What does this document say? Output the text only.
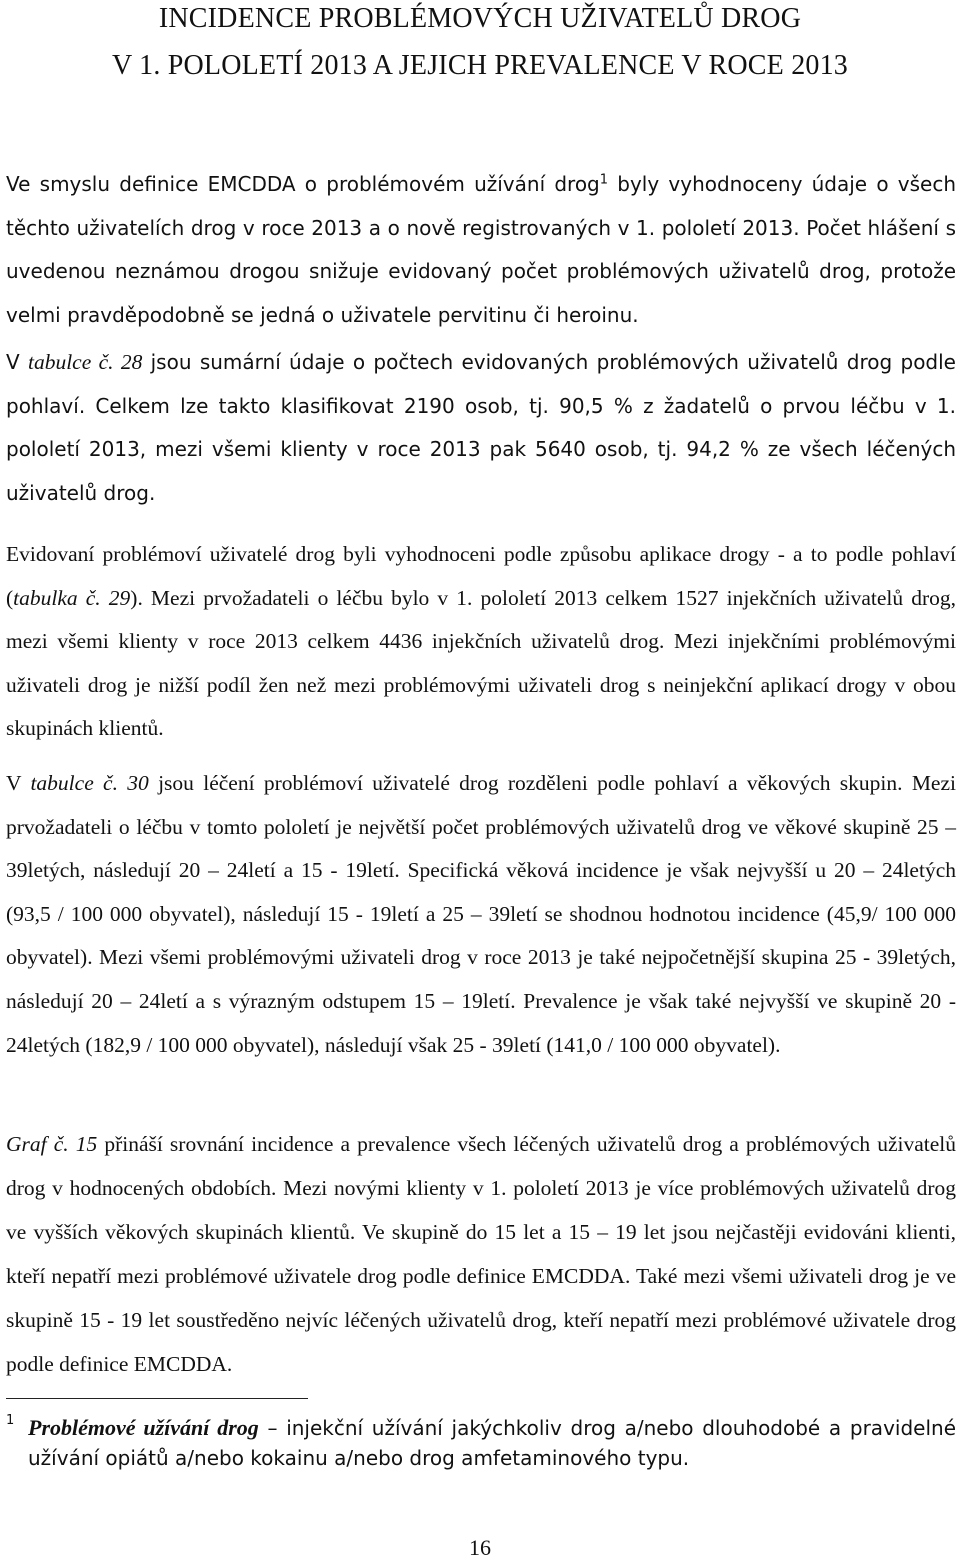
INCIDENCE PROBLÉMOVÝCH UŽIVATELŮ DROG
V 1. POLOLETÍ 2013 A JEJICH PREVALENCE V ROCE 2013

Ve smyslu definice EMCDDA o problémovém užívání drog$^1$ byly vyhodnoceny údaje o všech těchto uživatelích drog v roce 2013 a o nově registrovaných v 1. pololetí 2013. Počet hlášení s uvedenou neznámou drogou snižuje evidovaný počet problémových uživatelů drog, protože velmi pravděpodobně se jedná o uživatele pervitinu či heroinu.

V tabulce č. 28 jsou sumární údaje o počtech evidovaných problémových uživatelů drog podle pohlaví. Celkem lze takto klasifikovat 2190 osob, tj. 90,5 % z žadatelů o prvou léčbu v 1. pololetí 2013, mezi všemi klienty v roce 2013 pak 5640 osob, tj. 94,2 % ze všech léčených uživatelů drog.

Evidovaní problémoví uživatelé drog byli vyhodnoceni podle způsobu aplikace drogy - a to podle pohlaví (tabulka č. 29). Mezi prvožadateli o léčbu bylo v 1. pololetí 2013 celkem 1527 injekčních uživatelů drog, mezi všemi klienty v roce 2013 celkem 4436 injekčních uživatelů drog. Mezi injekčními problémovými uživateli drog je nižší podíl žen než mezi problémovými uživateli drog s neinjekční aplikací drogy v obou skupinách klientů.

V tabulce č. 30 jsou léčení problémoví uživatelé drog rozděleni podle pohlaví a věkových skupin. Mezi prvožadateli o léčbu v tomto pololetí je největší počet problémových uživatelů drog ve věkové skupině 25 – 39letých, následují 20 – 24letí a 15 - 19letí. Specifická věková incidence je však nejvyšší u 20 – 24letých (93,5 / 100 000 obyvatel), následují 15 - 19letí a 25 – 39letí se shodnou hodnotou incidence (45,9/ 100 000 obyvatel). Mezi všemi problémovými uživateli drog v roce 2013 je také nejpočetnější skupina 25 - 39letých, následují 20 – 24letí a s výrazným odstupem 15 – 19letí. Prevalence je však také nejvyšší ve skupině 20 - 24letých (182,9 / 100 000 obyvatel), následují však 25 - 39letí (141,0 / 100 000 obyvatel).

Graf č. 15 přináší srovnání incidence a prevalence všech léčených uživatelů drog a problémových uživatelů drog v hodnocených obdobích. Mezi novými klienty v 1. pololetí 2013 je více problémových uživatelů drog ve vyšších věkových skupinách klientů. Ve skupině do 15 let a 15 – 19 let jsou nejčastěji evidováni klienti, kteří nepatří mezi problémové uživatele drog podle definice EMCDDA. Také mezi všemi uživateli drog je ve skupině 15 - 19 let soustředěno nejvíc léčených uživatelů drog, kteří nepatří mezi problémové uživatele drog podle definice EMCDDA.

1 Problémové užívání drog – injekční užívání jakýchkoliv drog a/nebo dlouhodobé a pravidelné užívání opiátů a/nebo kokainu a/nebo drog amfetaminového typu.
16
